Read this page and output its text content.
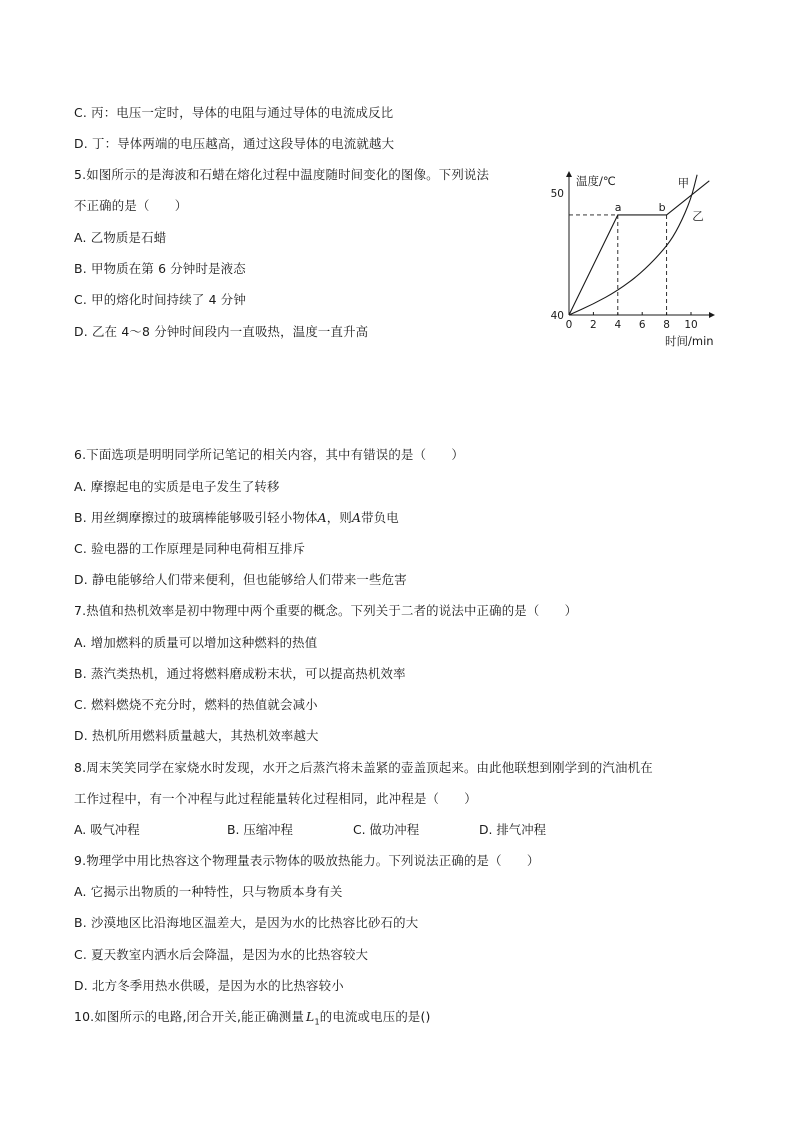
C. 丙：电压一定时，导体的电阻与通过导体的电流成反比
D. 丁：导体两端的电压越高，通过这段导体的电流就越大
5.如图所示的是海波和石蜡在熔化过程中温度随时间变化的图像。下列说法
不正确的是（　　）
A. 乙物质是石蜡
B. 甲物质在第 6 分钟时是液态
C. 甲的熔化时间持续了 4 分钟
D. 乙在 4～8 分钟时间段内一直吸热，温度一直升高	0 2 4 6 8 10
40
50
a	b
甲
乙
温度/℃
时间/min
6.下面选项是明明同学所记笔记的相关内容，其中有错误的是（　　）
A. 摩擦起电的实质是电子发生了转移
B. 用丝绸摩擦过的玻璃棒能够吸引轻小物体A，则A带负电
C. 验电器的工作原理是同种电荷相互排斥
D. 静电能够给人们带来便利，但也能够给人们带来一些危害
7.热值和热机效率是初中物理中两个重要的概念。下列关于二者的说法中正确的是（　　）
A. 增加燃料的质量可以增加这种燃料的热值
B. 蒸汽类热机，通过将燃料磨成粉末状，可以提高热机效率
C. 燃料燃烧不充分时，燃料的热值就会减小
D. 热机所用燃料质量越大，其热机效率越大
8.周末笑笑同学在家烧水时发现，水开之后蒸汽将未盖紧的壶盖顶起来。由此他联想到刚学到的汽油机在
工作过程中，有一个冲程与此过程能量转化过程相同，此冲程是（　　）
A. 吸气冲程	B. 压缩冲程	C. 做功冲程	D. 排气冲程
9.物理学中用比热容这个物理量表示物体的吸放热能力。下列说法正确的是（　　）
A. 它揭示出物质的一种特性，只与物质本身有关
B. 沙漠地区比沿海地区温差大，是因为水的比热容比砂石的大
C. 夏天教室内洒水后会降温，是因为水的比热容较大
D. 北方冬季用热水供暖，是因为水的比热容较小
10.如图所示的电路,闭合开关,能正确测量 $L_1$的电流或电压的是()
